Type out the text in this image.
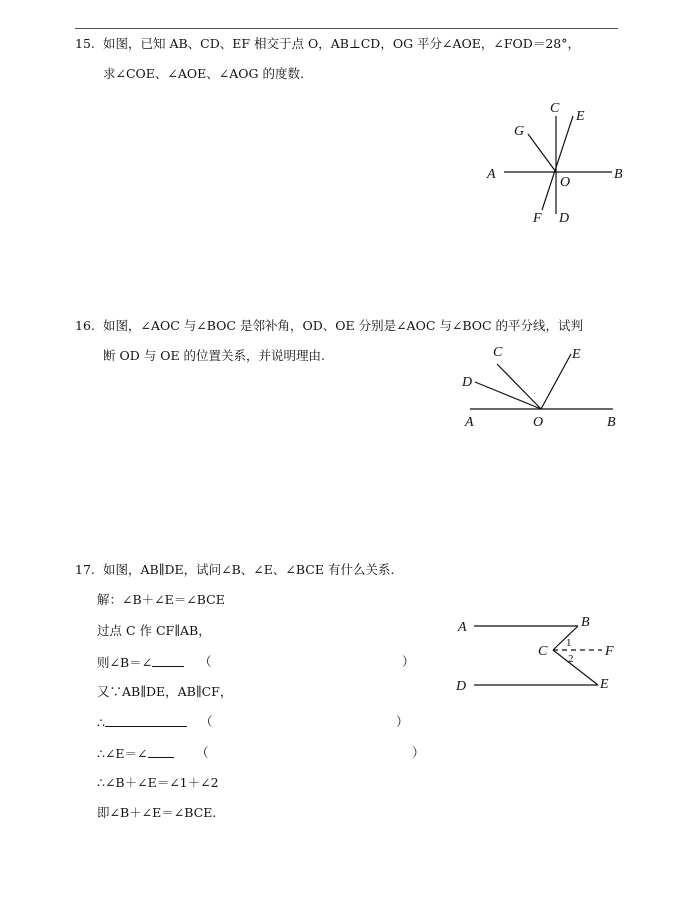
15. 如图，已知 AB、CD、EF 相交于点 O，AB⊥CD，OG 平分∠AOE，∠FOD＝28°，
求∠COE、∠AOE、∠AOG 的度数.
A	B
C
D
E
F
G
O
16. 如图，∠AOC 与∠BOC 是邻补角，OD、OE 分别是∠AOC 与∠BOC 的平分线，试判
断 OD 与 OE 的位置关系，并说明理由.
A	B
C
D
E
O
17. 如图，AB∥DE，试问∠B、∠E、∠BCE 有什么关系.
解：∠B＋∠E＝∠BCE
过点 C 作 CF∥AB，
则∠B＝∠	（	）
又∵AB∥DE，AB∥CF，
∴	（	）
∴∠E＝∠	（	）
∴∠B＋∠E＝∠1＋∠2
即∠B＋∠E＝∠BCE.
A	B
C
D	E
F
1
2
